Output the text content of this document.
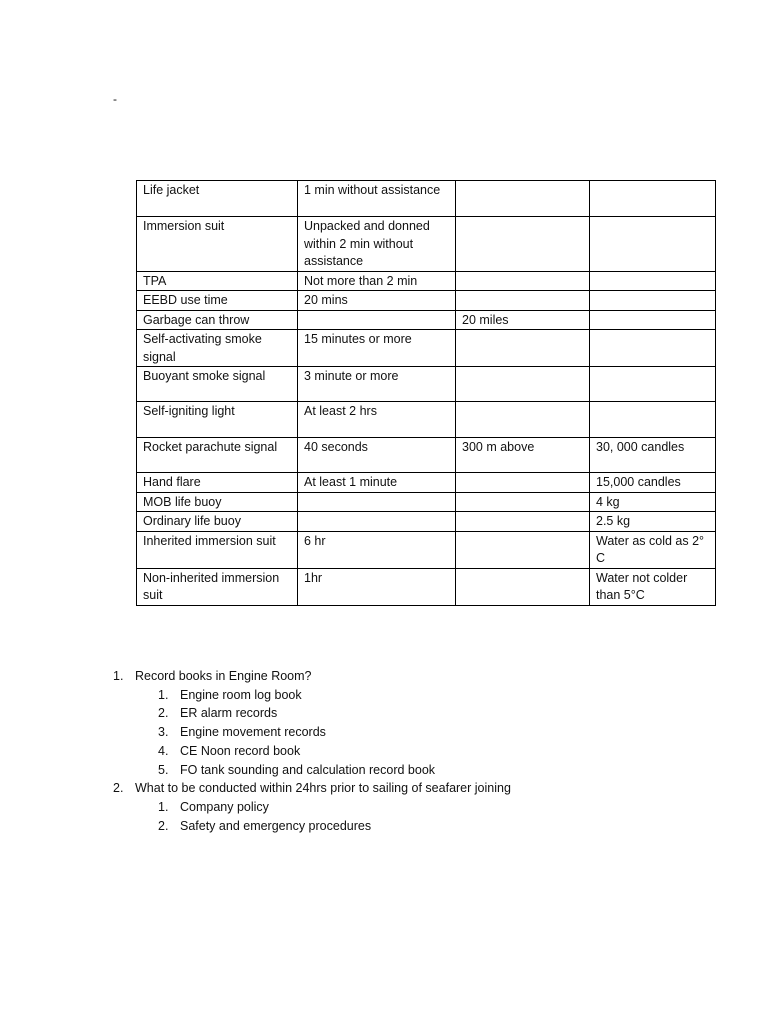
-
Life jacket	1 min without assistance		
Immersion suit	Unpacked and donned within 2 min without assistance		
TPA	Not more than 2 min		
EEBD use time	20 mins		
Garbage can throw		20 miles	
Self-activating smoke signal	15 minutes or more		
Buoyant smoke signal	3 minute or more		
Self-igniting light	At least 2 hrs		
Rocket parachute signal	40 seconds	300 m above	30, 000 candles
Hand flare	At least 1 minute		15,000 candles
MOB life buoy			4 kg
Ordinary life buoy			2.5 kg
Inherited immersion suit	6 hr		Water as cold as 2° C
Non-inherited immersion suit	1hr		Water not colder than 5°C
1. Record books in Engine Room?
1. Engine room log book
2. ER alarm records
3. Engine movement records
4. CE Noon record book
5. FO tank sounding and calculation record book
2. What to be conducted within 24hrs prior to sailing of seafarer joining
1. Company policy
2. Safety and emergency procedures
